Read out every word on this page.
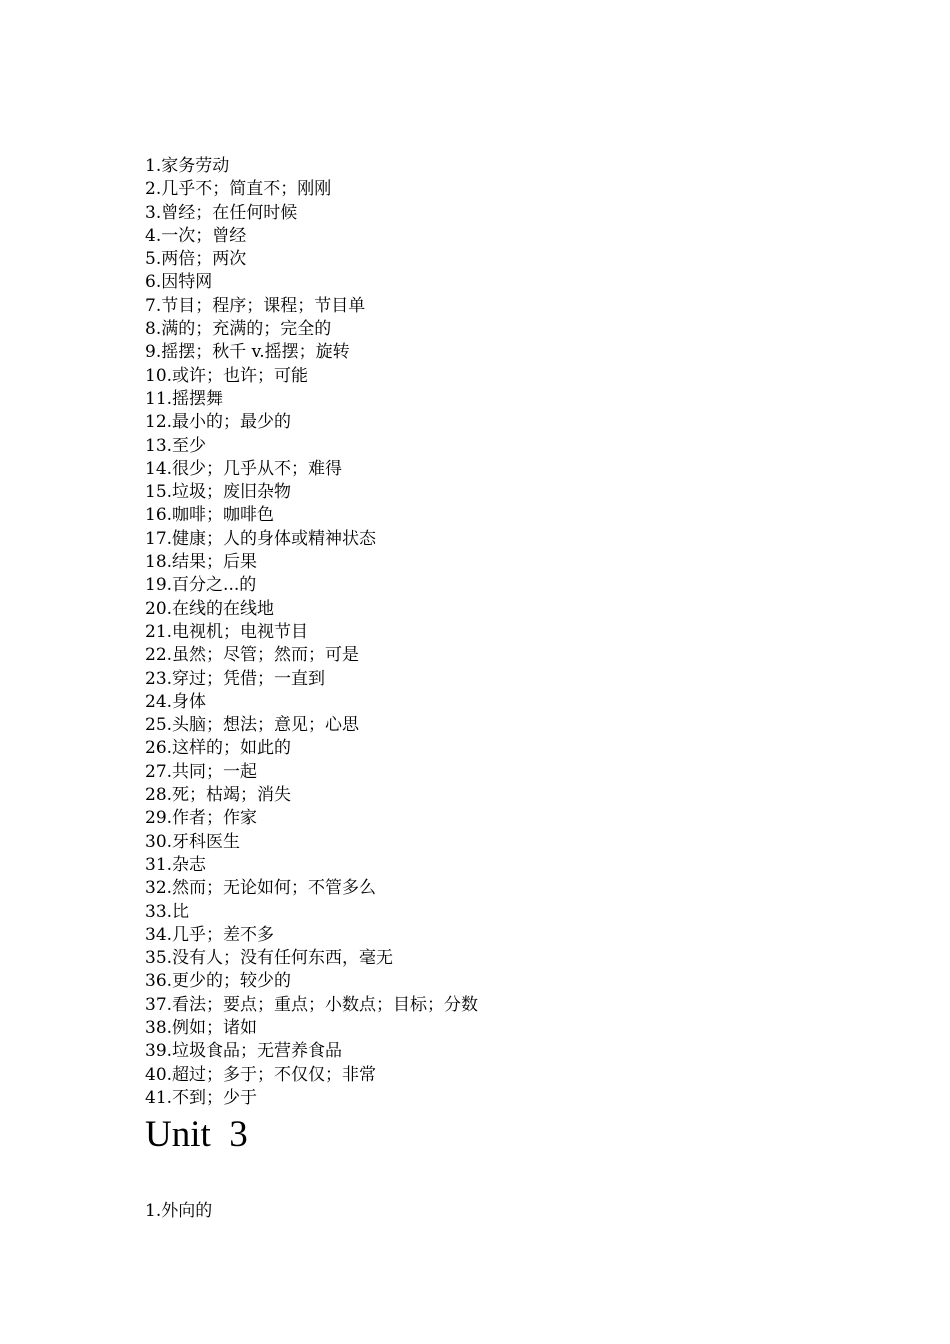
1.家务劳动
2.几乎不；简直不；刚刚
3.曾经；在任何时候
4.一次；曾经
5.两倍；两次
6.因特网
7.节目；程序；课程；节目单
8.满的；充满的；完全的
9.摇摆；秋千 v.摇摆；旋转
10.或许；也许；可能
11.摇摆舞
12.最小的；最少的
13.至少
14.很少；几乎从不；难得
15.垃圾；废旧杂物
16.咖啡；咖啡色
17.健康；人的身体或精神状态
18.结果；后果
19.百分之...的
20.在线的在线地
21.电视机；电视节目
22.虽然；尽管；然而；可是
23.穿过；凭借；一直到
24.身体
25.头脑；想法；意见；心思
26.这样的；如此的
27.共同；一起
28.死；枯竭；消失
29.作者；作家
30.牙科医生
31.杂志
32.然而；无论如何；不管多么
33.比
34.几乎；差不多
35.没有人；没有任何东西，毫无
36.更少的；较少的
37.看法；要点；重点；小数点；目标；分数
38.例如；诸如
39.垃圾食品；无营养食品
40.超过；多于；不仅仅；非常
41.不到；少于
Unit  3
1.外向的
